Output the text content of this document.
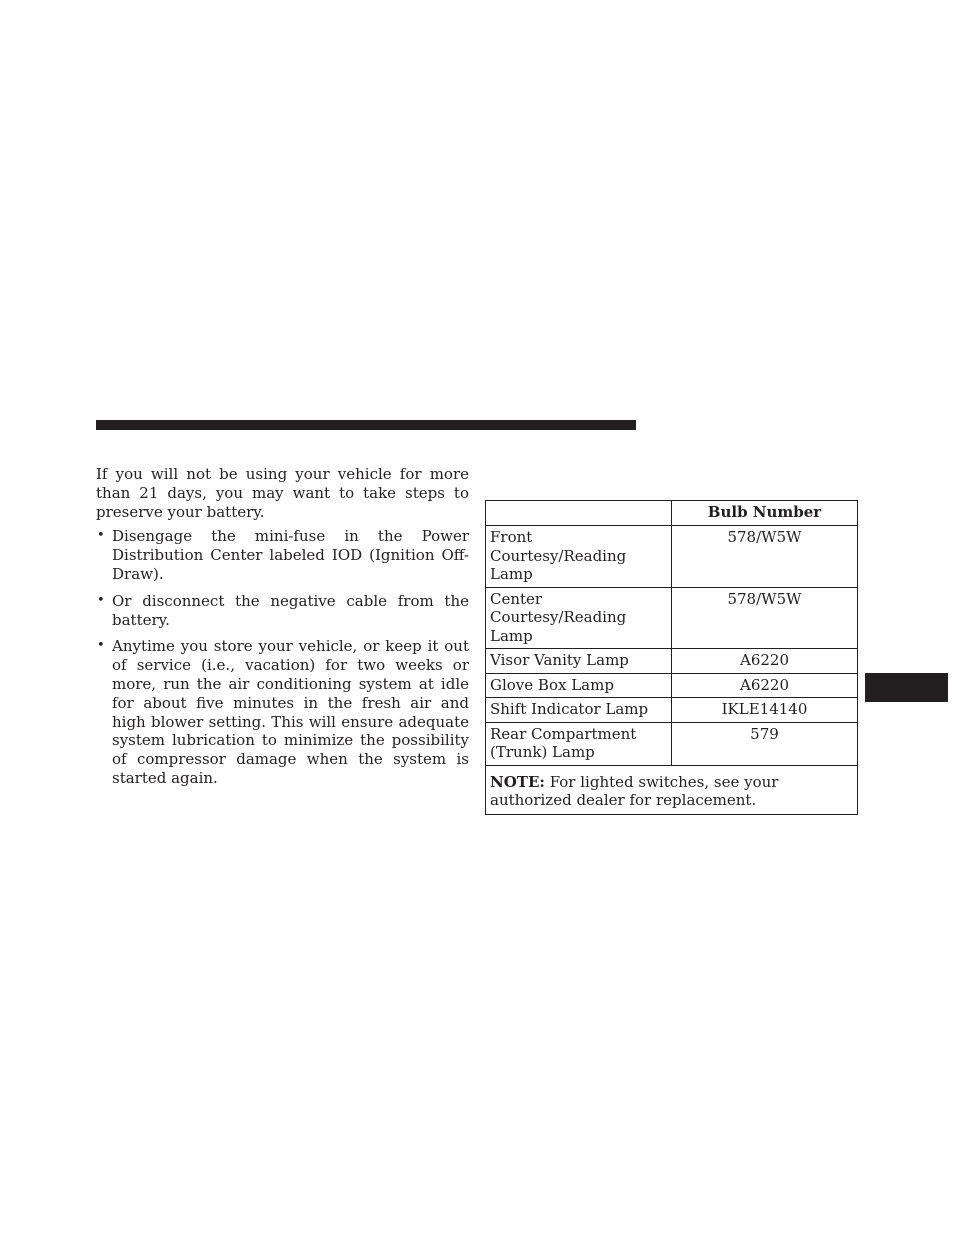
If you will not be using your vehicle for more than 21 days, you may want to take steps to preserve your battery.

• Disengage the mini-fuse in the Power Distribution Center labeled IOD (Ignition Off-Draw).
• Or disconnect the negative cable from the battery.
• Anytime you store your vehicle, or keep it out of service (i.e., vacation) for two weeks or more, run the air conditioning system at idle for about five minutes in the fresh air and high blower setting. This will ensure adequate system lubrication to minimize the possibility of compressor damage when the system is started again.
	Bulb Number
Front Courtesy/Reading Lamp	578/W5W
Center Courtesy/Reading Lamp	578/W5W
Visor Vanity Lamp	A6220
Glove Box Lamp	A6220
Shift Indicator Lamp	IKLE14140
Rear Compartment (Trunk) Lamp	579
NOTE: For lighted switches, see your authorized dealer for replacement.	
